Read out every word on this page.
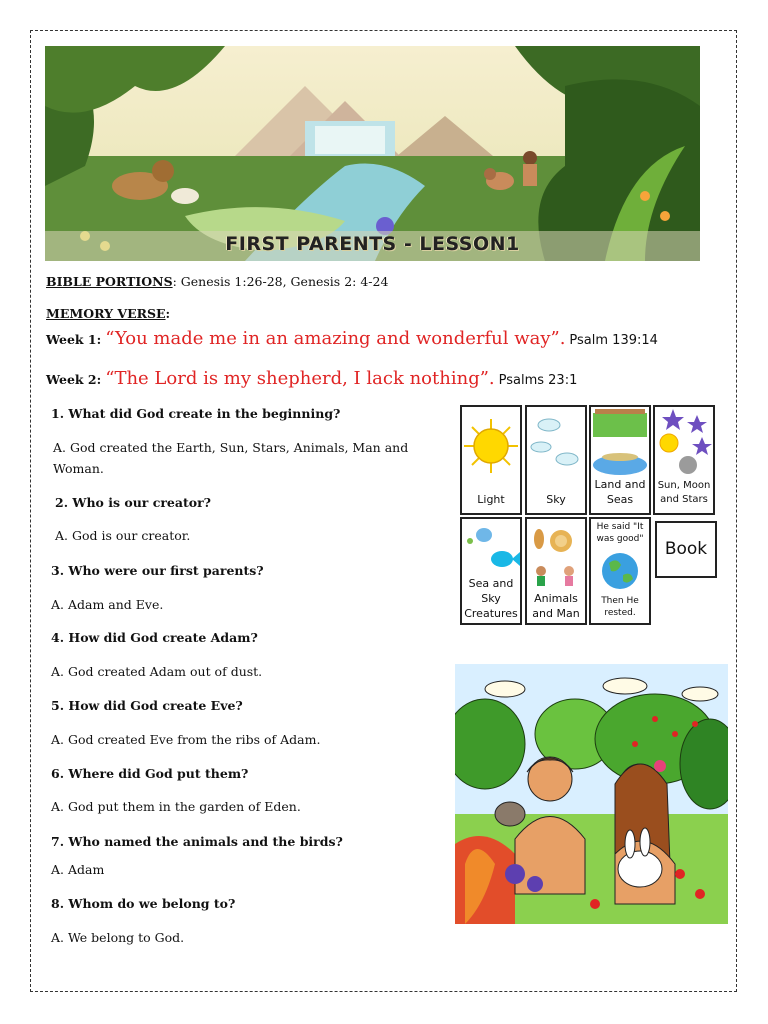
FIRST PARENTS - LESSON1
BIBLE PORTIONS: Genesis 1:26-28, Genesis 2: 4-24
MEMORY VERSE:
Week 1: “You made me in an amazing and wonderful way”. Psalm 139:14
Week 2: “The Lord is my shepherd, I lack nothing”. Psalms 23:1
1. What did God create in the beginning?
A. God created the Earth, Sun, Stars, Animals, Man and Woman.
2. Who is our creator?
A. God is our creator.
3. Who were our first parents?
A. Adam and Eve.
4. How did God create Adam?
A. God created Adam out of dust.
5. How did God create Eve?
A. God created Eve from the ribs of Adam.
6. Where did God put them?
A. God put them in the garden of Eden.
7. Who named the animals and the birds?
A. Adam
8. Whom do we belong to?
A. We belong to God.
Light	Sky
Land and
Seas
Sun, Moon
and Stars
Sea and
Sky
Creatures
Animals
and Man
He said "It
was good"
Then He
rested.
Book
